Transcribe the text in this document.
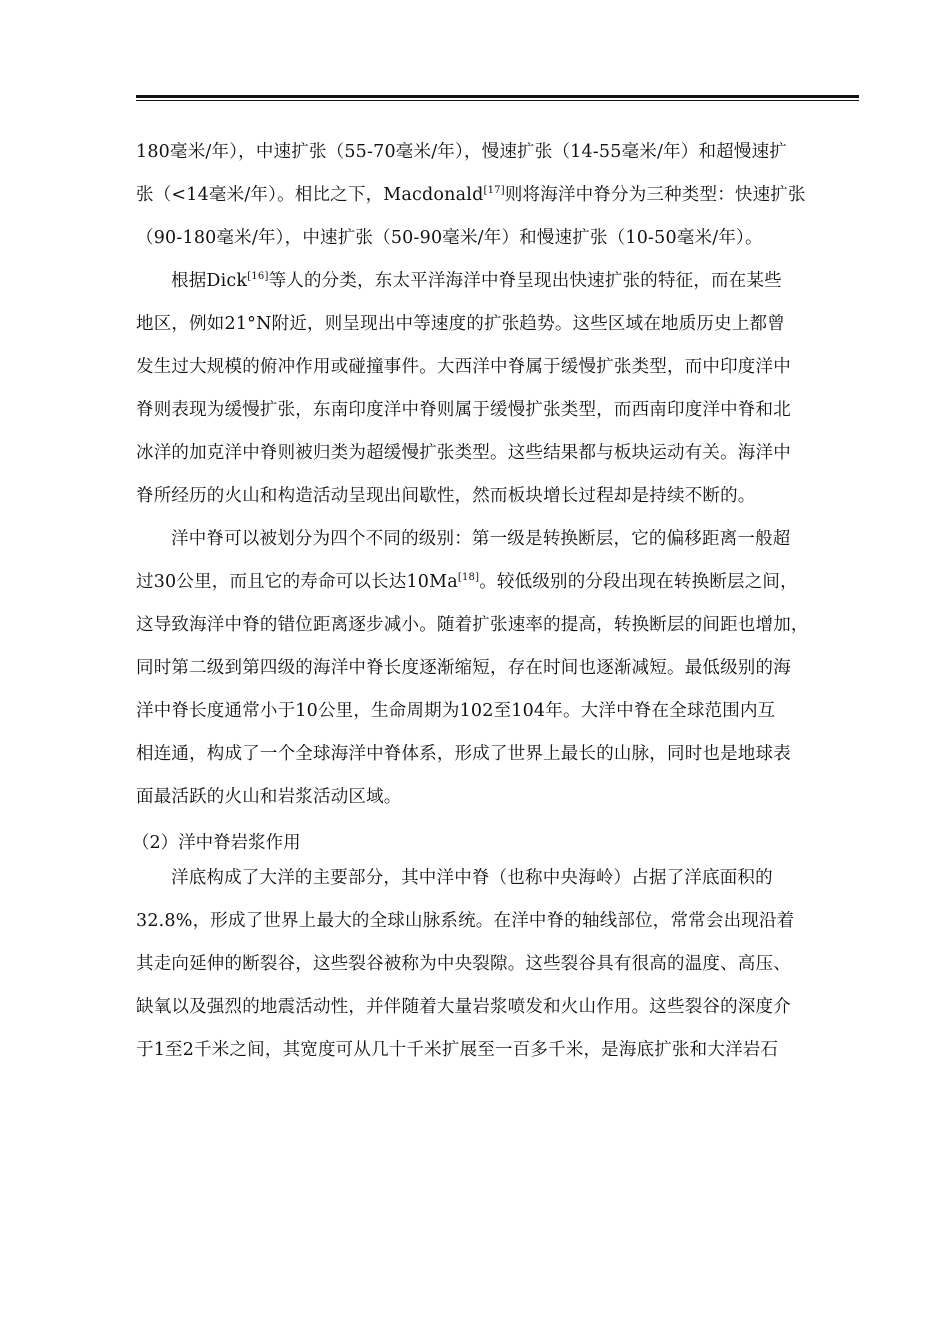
180毫米/年），中速扩张（55-70毫米/年），慢速扩张（14-55毫米/年）和超慢速扩
张（<14毫米/年）。相比之下，Macdonald[17]则将海洋中脊分为三种类型：快速扩张
（90-180毫米/年），中速扩张（50-90毫米/年）和慢速扩张（10-50毫米/年）。
根据Dick[16]等人的分类，东太平洋海洋中脊呈现出快速扩张的特征，而在某些
地区，例如21°N附近，则呈现出中等速度的扩张趋势。这些区域在地质历史上都曾
发生过大规模的俯冲作用或碰撞事件。大西洋中脊属于缓慢扩张类型，而中印度洋中
脊则表现为缓慢扩张，东南印度洋中脊则属于缓慢扩张类型，而西南印度洋中脊和北
冰洋的加克洋中脊则被归类为超缓慢扩张类型。这些结果都与板块运动有关。海洋中
脊所经历的火山和构造活动呈现出间歇性，然而板块增长过程却是持续不断的。
洋中脊可以被划分为四个不同的级别：第一级是转换断层，它的偏移距离一般超
过30公里，而且它的寿命可以长达10Ma[18]。较低级别的分段出现在转换断层之间，
这导致海洋中脊的错位距离逐步减小。随着扩张速率的提高，转换断层的间距也增加，
同时第二级到第四级的海洋中脊长度逐渐缩短，存在时间也逐渐减短。最低级别的海
洋中脊长度通常小于10公里，生命周期为102至104年。大洋中脊在全球范围内互
相连通，构成了一个全球海洋中脊体系，形成了世界上最长的山脉，同时也是地球表
面最活跃的火山和岩浆活动区域。
（2）洋中脊岩浆作用
洋底构成了大洋的主要部分，其中洋中脊（也称中央海岭）占据了洋底面积的
32.8%，形成了世界上最大的全球山脉系统。在洋中脊的轴线部位，常常会出现沿着
其走向延伸的断裂谷，这些裂谷被称为中央裂隙。这些裂谷具有很高的温度、高压、
缺氧以及强烈的地震活动性，并伴随着大量岩浆喷发和火山作用。这些裂谷的深度介
于1至2千米之间，其宽度可从几十千米扩展至一百多千米，是海底扩张和大洋岩石
